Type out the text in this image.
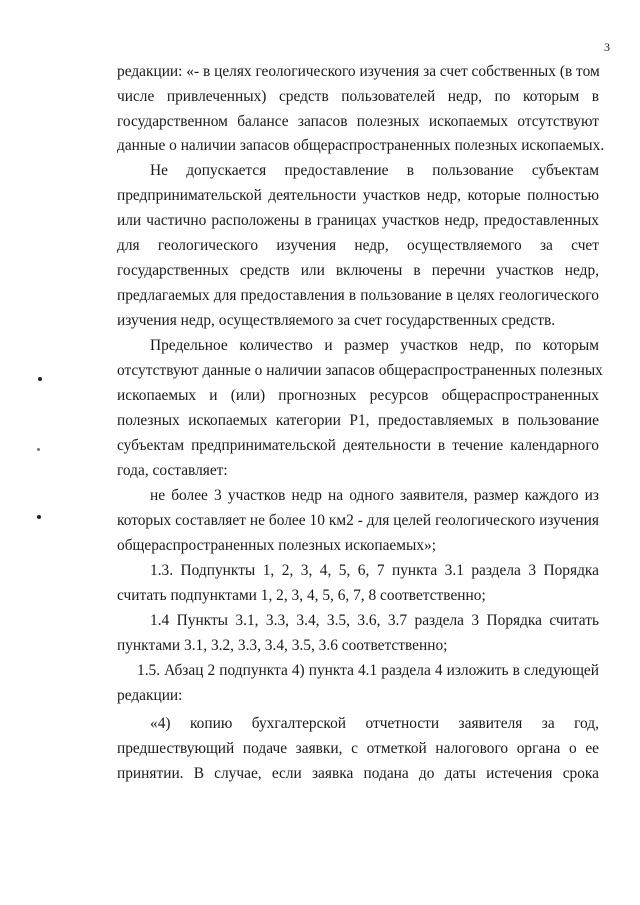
3
редакции: «- в целях геологического изучения за счет собственных (в том
числе привлеченных) средств пользователей недр, по которым в
государственном балансе запасов полезных ископаемых отсутствуют
данные о наличии запасов общераспространенных полезных ископаемых.
Не допускается предоставление в пользование субъектам
предпринимательской деятельности участков недр, которые полностью
или частично расположены в границах участков недр, предоставленных
для геологического изучения недр, осуществляемого за счет
государственных средств или включены в перечни участков недр,
предлагаемых для предоставления в пользование в целях геологического
изучения недр, осуществляемого за счет государственных средств.
Предельное количество и размер участков недр, по которым
отсутствуют данные о наличии запасов общераспространенных полезных
ископаемых и (или) прогнозных ресурсов общераспространенных
полезных ископаемых категории Р1, предоставляемых в пользование
субъектам предпринимательской деятельности в течение календарного
года, составляет:
не более 3 участков недр на одного заявителя, размер каждого из
которых составляет не более 10 км2 - для целей геологического изучения
общераспространенных полезных ископаемых»;
1.3. Подпункты 1, 2, 3, 4, 5, 6, 7 пункта 3.1 раздела 3 Порядка
считать подпунктами 1, 2, 3, 4, 5, 6, 7, 8 соответственно;
1.4 Пункты 3.1, 3.3, 3.4, 3.5, 3.6, 3.7 раздела 3 Порядка считать
пунктами 3.1, 3.2, 3.3, 3.4, 3.5, 3.6 соответственно;
1.5. Абзац 2 подпункта 4) пункта 4.1 раздела 4 изложить в следующей
редакции:
«4) копию бухгалтерской отчетности заявителя за год,
предшествующий подаче заявки, с отметкой налогового органа о ее
принятии. В случае, если заявка подана до даты истечения срока
